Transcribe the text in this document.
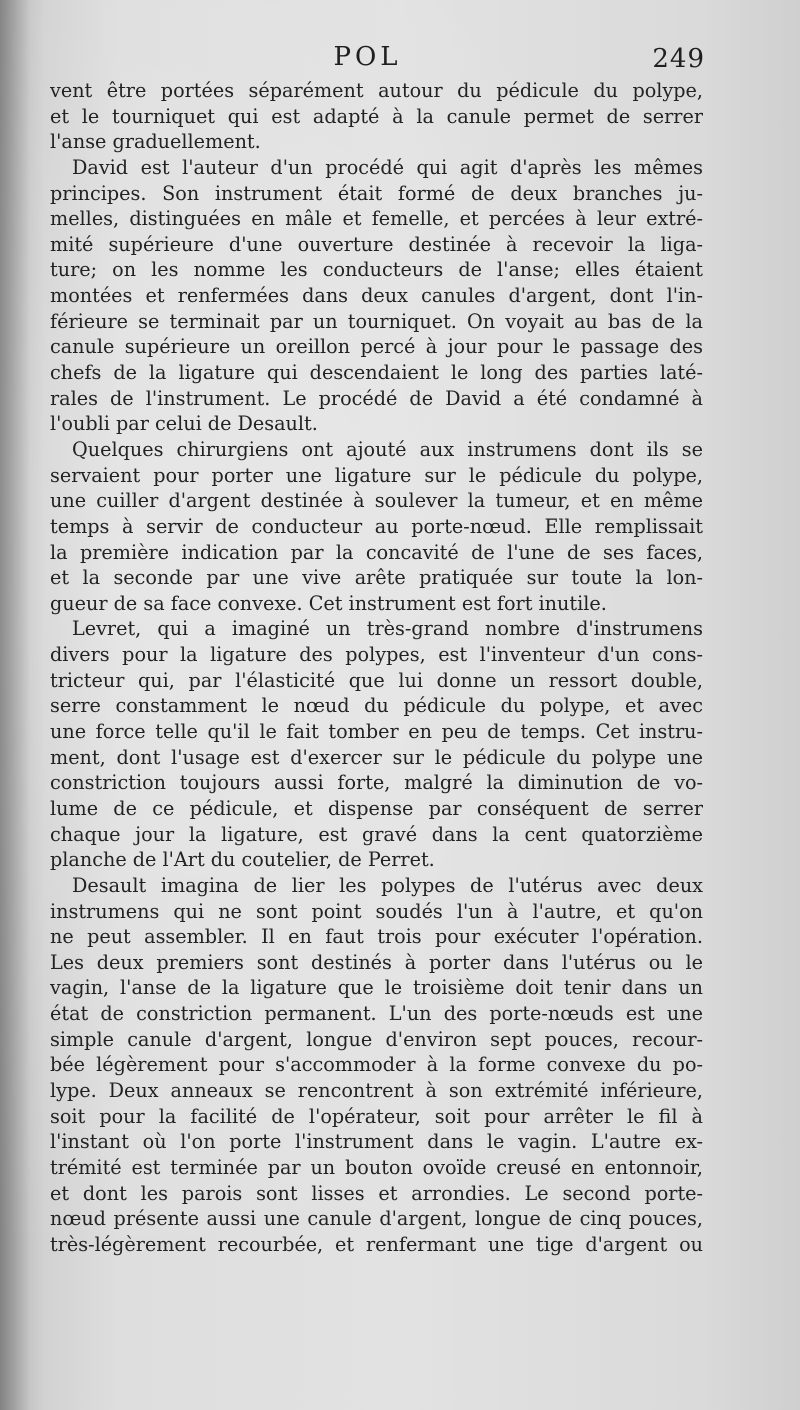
POL	249
vent être portées séparément autour du pédicule du polype,
et le tourniquet qui est adapté à la canule permet de serrer
l'anse graduellement.
David est l'auteur d'un procédé qui agit d'après les mêmes
principes. Son instrument était formé de deux branches ju-
melles, distinguées en mâle et femelle, et percées à leur extré-
mité supérieure d'une ouverture destinée à recevoir la liga-
ture; on les nomme les conducteurs de l'anse; elles étaient
montées et renfermées dans deux canules d'argent, dont l'in-
férieure se terminait par un tourniquet. On voyait au bas de la
canule supérieure un oreillon percé à jour pour le passage des
chefs de la ligature qui descendaient le long des parties laté-
rales de l'instrument. Le procédé de David a été condamné à
l'oubli par celui de Desault.
Quelques chirurgiens ont ajouté aux instrumens dont ils se
servaient pour porter une ligature sur le pédicule du polype,
une cuiller d'argent destinée à soulever la tumeur, et en même
temps à servir de conducteur au porte-nœud. Elle remplissait
la première indication par la concavité de l'une de ses faces,
et la seconde par une vive arête pratiquée sur toute la lon-
gueur de sa face convexe. Cet instrument est fort inutile.
Levret, qui a imaginé un très-grand nombre d'instrumens
divers pour la ligature des polypes, est l'inventeur d'un cons-
tricteur qui, par l'élasticité que lui donne un ressort double,
serre constamment le nœud du pédicule du polype, et avec
une force telle qu'il le fait tomber en peu de temps. Cet instru-
ment, dont l'usage est d'exercer sur le pédicule du polype une
constriction toujours aussi forte, malgré la diminution de vo-
lume de ce pédicule, et dispense par conséquent de serrer
chaque jour la ligature, est gravé dans la cent quatorzième
planche de l'Art du coutelier, de Perret.
Desault imagina de lier les polypes de l'utérus avec deux
instrumens qui ne sont point soudés l'un à l'autre, et qu'on
ne peut assembler. Il en faut trois pour exécuter l'opération.
Les deux premiers sont destinés à porter dans l'utérus ou le
vagin, l'anse de la ligature que le troisième doit tenir dans un
état de constriction permanent. L'un des porte-nœuds est une
simple canule d'argent, longue d'environ sept pouces, recour-
bée légèrement pour s'accommoder à la forme convexe du po-
lype. Deux anneaux se rencontrent à son extrémité inférieure,
soit pour la facilité de l'opérateur, soit pour arrêter le fil à
l'instant où l'on porte l'instrument dans le vagin. L'autre ex-
trémité est terminée par un bouton ovoïde creusé en entonnoir,
et dont les parois sont lisses et arrondies. Le second porte-
nœud présente aussi une canule d'argent, longue de cinq pouces,
très-légèrement recourbée, et renfermant une tige d'argent ou
